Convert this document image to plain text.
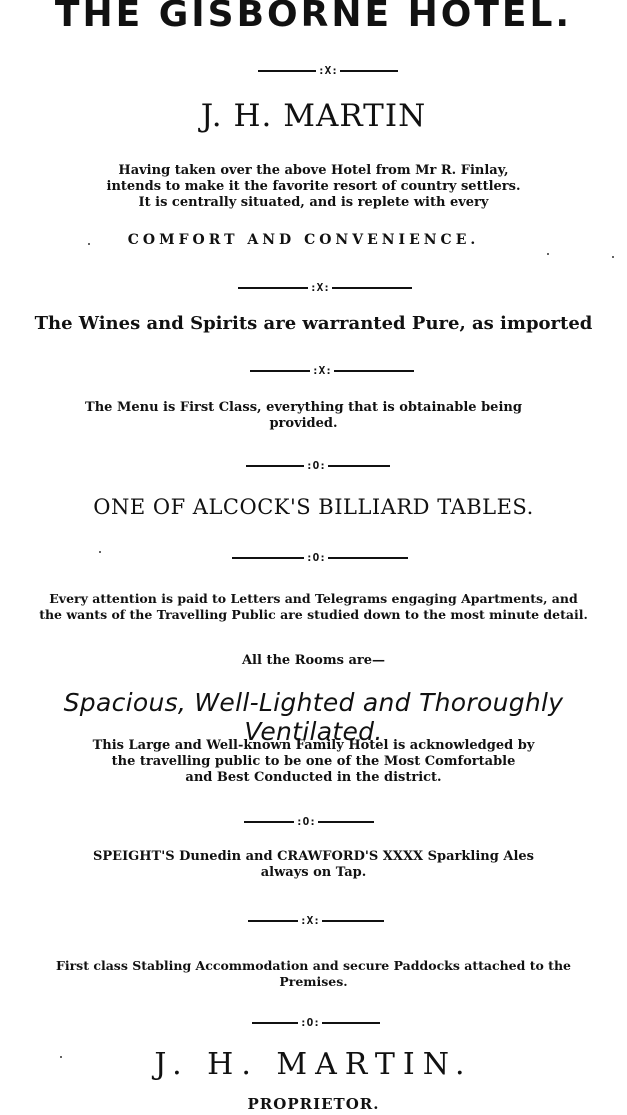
THE GISBORNE HOTEL.
:X:
J. H. MARTIN
Having taken over the above Hotel from Mr R. Finlay,
intends to make it the favorite resort of country settlers.
It is centrally situated, and is replete with every
COMFORT AND CONVENIENCE.
:X:
The Wines and Spirits are warranted Pure, as imported
:X:
The Menu is First Class, everything that is obtainable being
provided.
:O:
ONE OF ALCOCK'S BILLIARD TABLES.
:O:
Every attention is paid to Letters and Telegrams engaging Apartments, and
the wants of the Travelling Public are studied down to the most minute detail.
All the Rooms are—
Spacious, Well-Lighted and Thoroughly Ventilated.
This Large and Well-known Family Hotel is acknowledged by
the travelling public to be one of the Most Comfortable
and Best Conducted in the district.
:O:
SPEIGHT'S Dunedin and CRAWFORD'S XXXX Sparkling Ales
always on Tap.
:X:
First class Stabling Accommodation and secure Paddocks attached to the
Premises.
:O:
J. H. MARTIN.
PROPRIETOR.
